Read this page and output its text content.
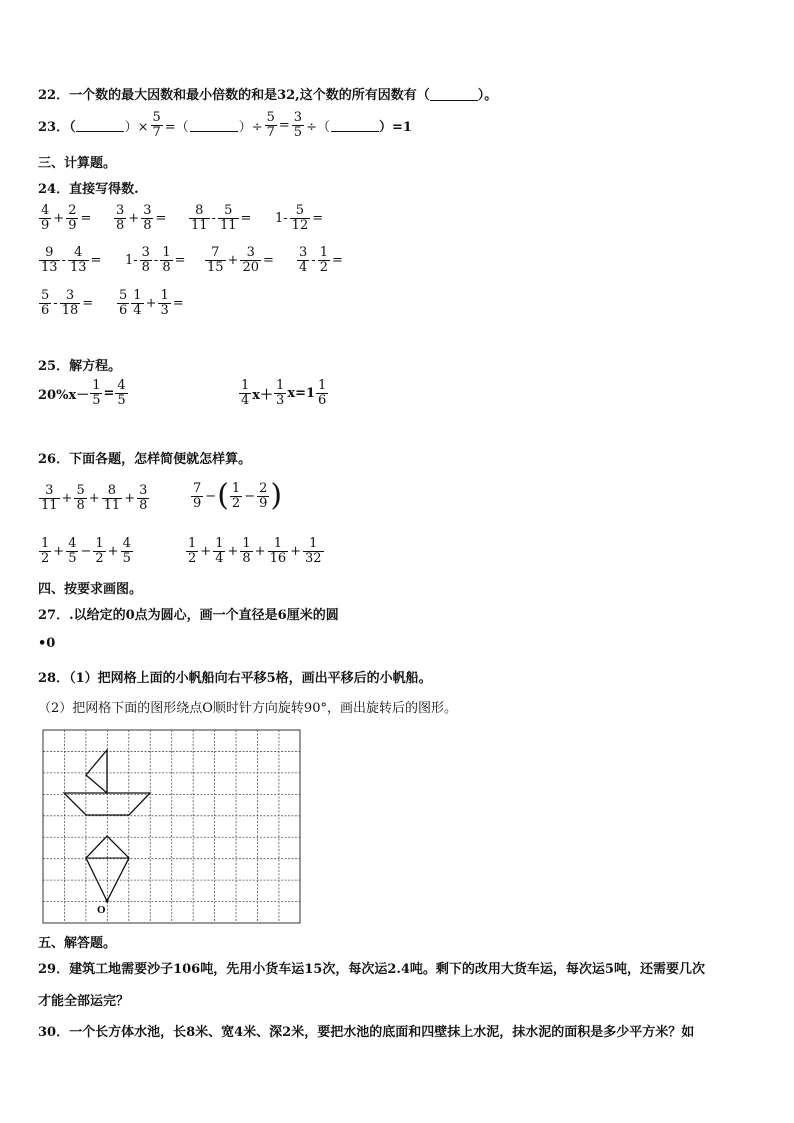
22．一个数的最大因数和最小倍数的和是32,这个数的所有因数有（	）。
23．（	）× $\frac{5}{7}$ =（	）÷ $\frac{5}{7} = \frac{3}{5}$ ÷（	）=1
三、计算题。
24．直接写得数.
$\frac{4}{9} + \frac{2}{9} = \frac{3}{8} + \frac{3}{8} = \frac{8}{11} - \frac{5}{11} = 1- \frac{5}{12}$ =
$\frac{9}{13} - \frac{4}{13} = 1- \frac{3}{8} - \frac{1}{8} = \frac{7}{15} + \frac{3}{20} = \frac{3}{4} - \frac{1}{2}$ =
$\frac{5}{6} - \frac{3}{18} = \frac{5}{6} \frac{1}{4} + \frac{1}{3}$ =
25．解方程。
$20\%x- \frac{1}{5} = \frac{4}{5}$	$\frac{1}{4} x+ \frac{1}{3} x=1 \frac{1}{6}$
26．下面各题，怎样简便就怎样算。
$\frac{3}{11} + \frac{5}{8} + \frac{8}{11} + \frac{3}{8}$	$\frac{7}{9}$ − ( $\frac{1}{2} - \frac{2}{9}$ )
$\frac{1}{2} + \frac{4}{5} - \frac{1}{2} + \frac{4}{5}$	$\frac{1}{2} + \frac{1}{4} + \frac{1}{8} + \frac{1}{16} + \frac{1}{32}$
四、按要求画图。
27．.以给定的0点为圆心，画一个直径是6厘米的圆
•0
28．（1）把网格上面的小帆船向右平移5格，画出平移后的小帆船。
（2）把网格下面的图形绕点O顺时针方向旋转90°，画出旋转后的图形。
O
五、解答题。
29．建筑工地需要沙子106吨，先用小货车运15次，每次运2.4吨。剩下的改用大货车运，每次运5吨，还需要几次
才能全部运完？
30．一个长方体水池，长8米、宽4米、深2米，要把水池的底面和四壁抹上水泥，抹水泥的面积是多少平方米？如
